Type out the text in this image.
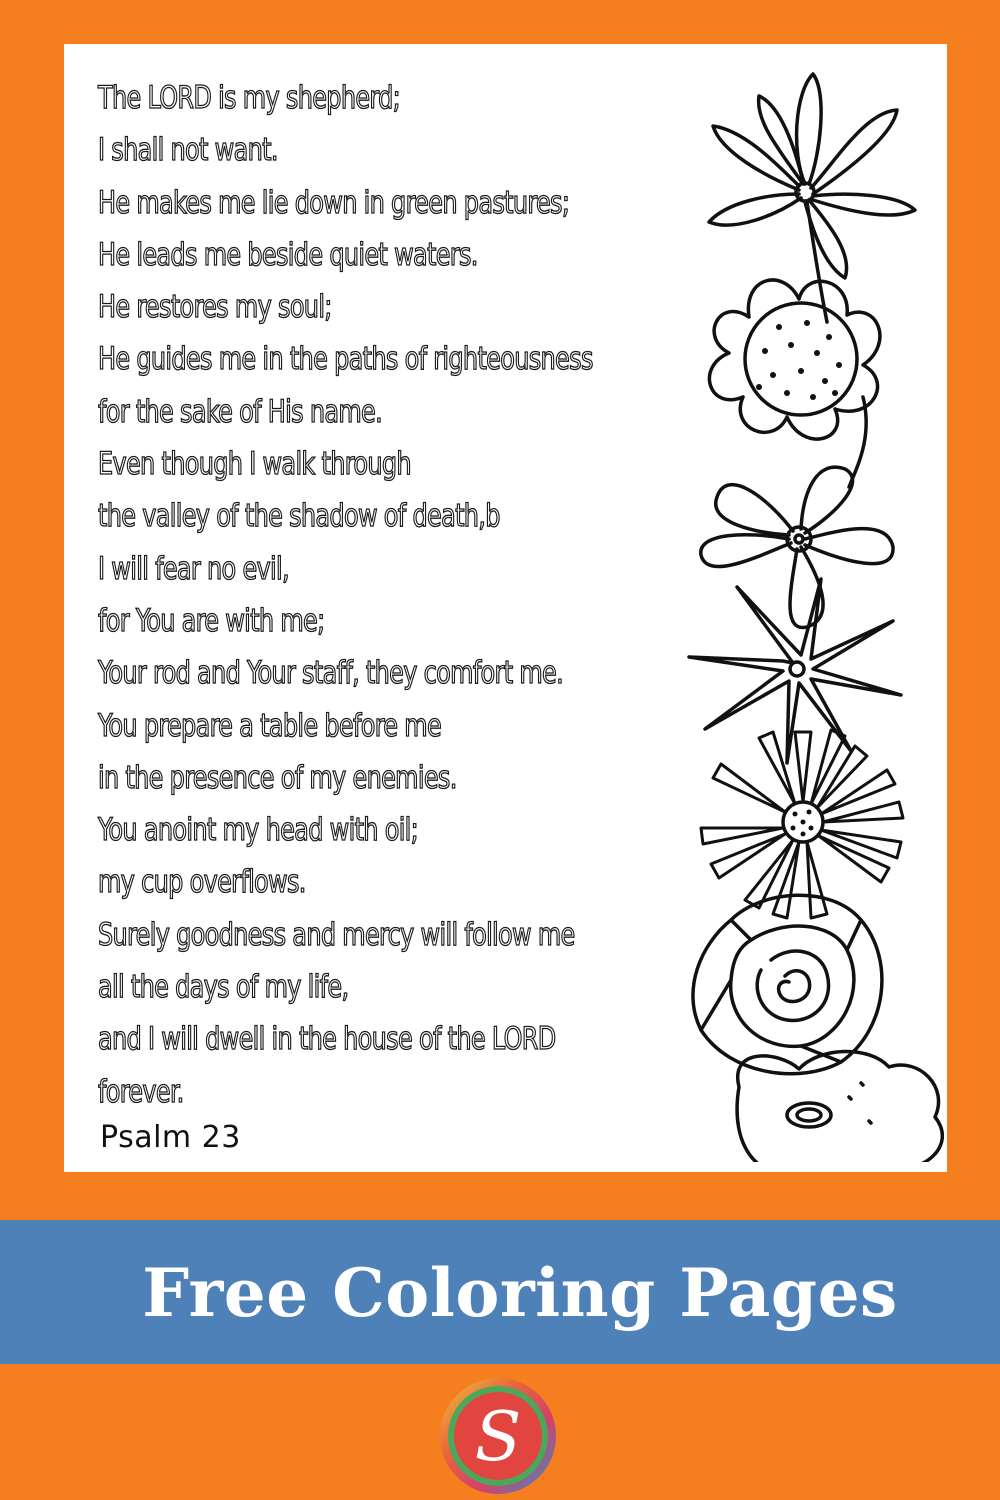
The LORD is my shepherd;
I shall not want.
He makes me lie down in green pastures;
He leads me beside quiet waters.
He restores my soul;
He guides me in the paths of righteousness
for the sake of His name.
Even though I walk through
the valley of the shadow of death,b
I will fear no evil,
for You are with me;
Your rod and Your staff, they comfort me.
You prepare a table before me
in the presence of my enemies.
You anoint my head with oil;
my cup overflows.
Surely goodness and mercy will follow me
all the days of my life,
and I will dwell in the house of the LORD
forever.
Psalm 23
Free Coloring Pages
S
